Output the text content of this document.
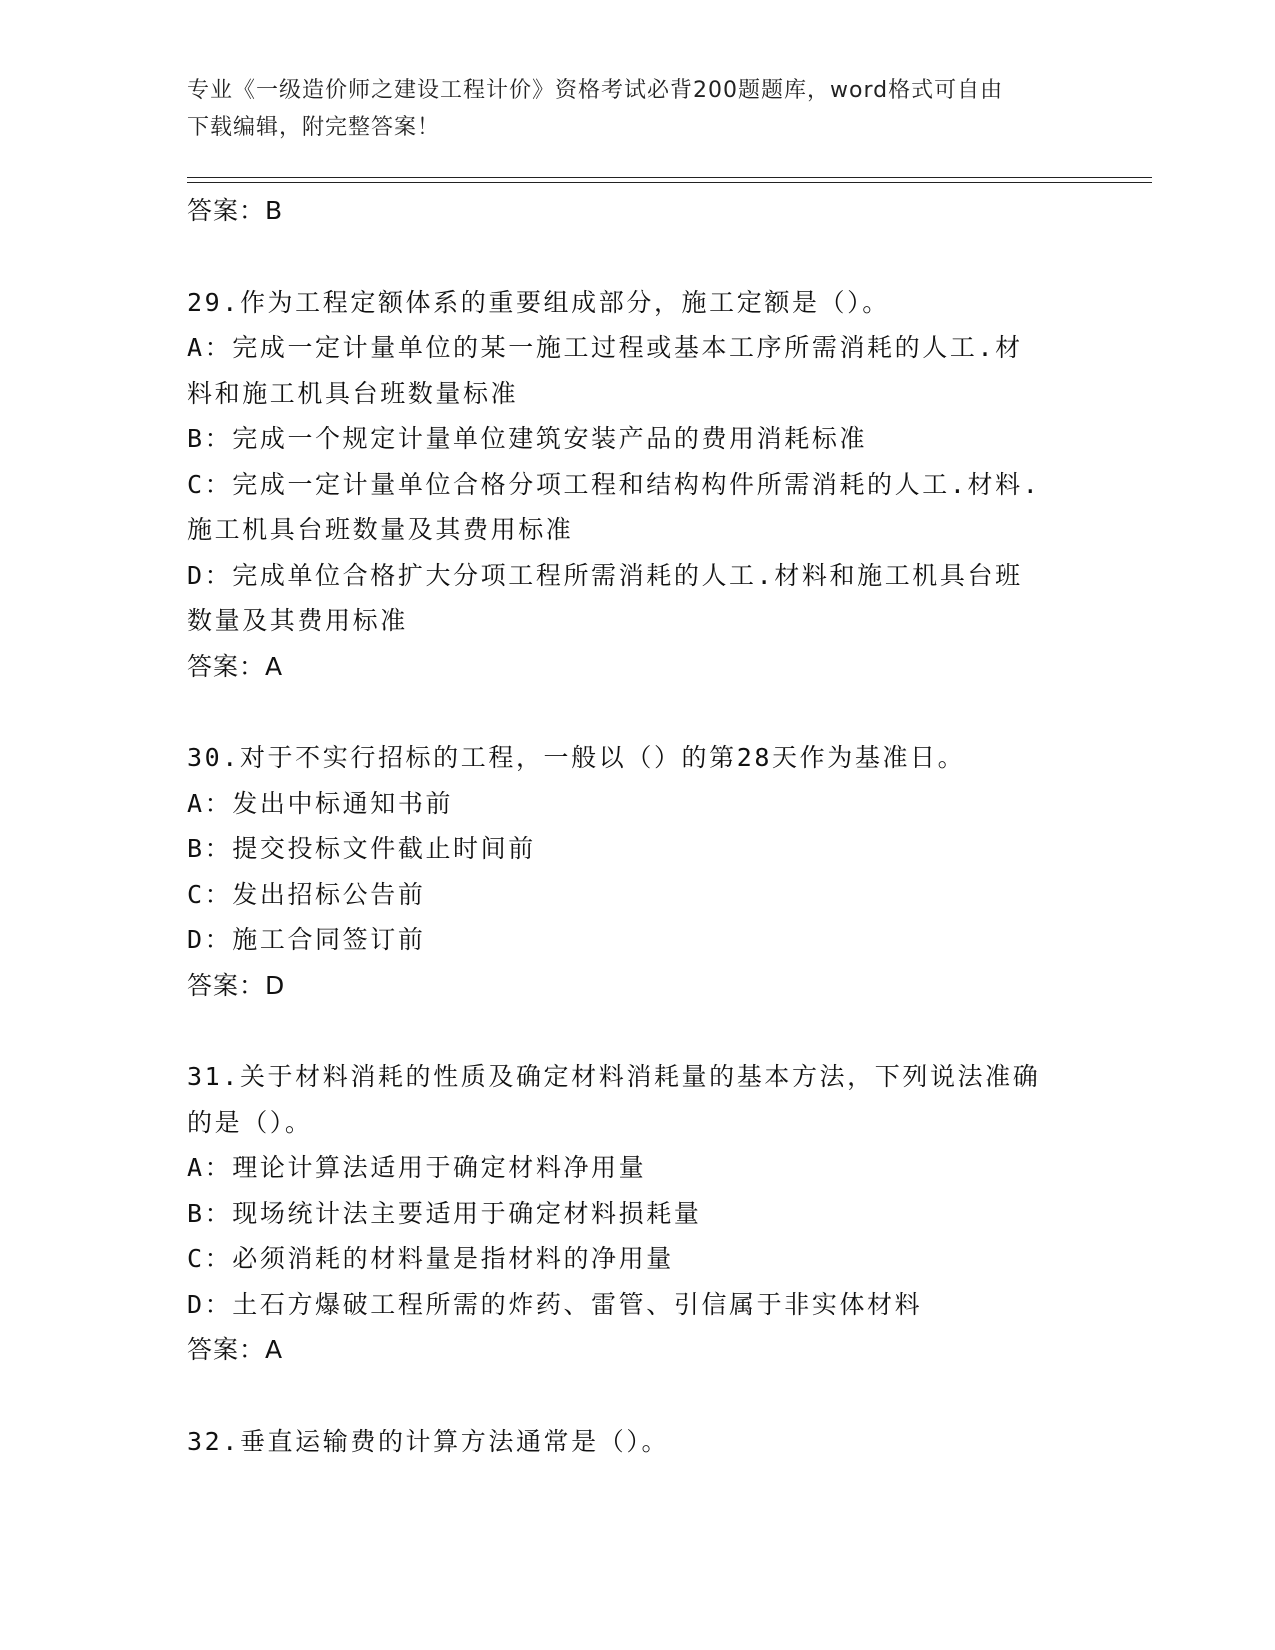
专业《一级造价师之建设工程计价》资格考试必背200题题库，word格式可自由
下载编辑，附完整答案！
答案：B
29.作为工程定额体系的重要组成部分，施工定额是（）。
A：完成一定计量单位的某一施工过程或基本工序所需消耗的人工.材
料和施工机具台班数量标准
B：完成一个规定计量单位建筑安装产品的费用消耗标准
C：完成一定计量单位合格分项工程和结构构件所需消耗的人工.材料.
施工机具台班数量及其费用标准
D：完成单位合格扩大分项工程所需消耗的人工.材料和施工机具台班
数量及其费用标准
答案：A
30.对于不实行招标的工程，一般以（）的第28天作为基准日。
A：发出中标通知书前
B：提交投标文件截止时间前
C：发出招标公告前
D：施工合同签订前
答案：D
31.关于材料消耗的性质及确定材料消耗量的基本方法，下列说法准确
的是（）。
A：理论计算法适用于确定材料净用量
B：现场统计法主要适用于确定材料损耗量
C：必须消耗的材料量是指材料的净用量
D：土石方爆破工程所需的炸药、雷管、引信属于非实体材料
答案：A
32.垂直运输费的计算方法通常是（）。
